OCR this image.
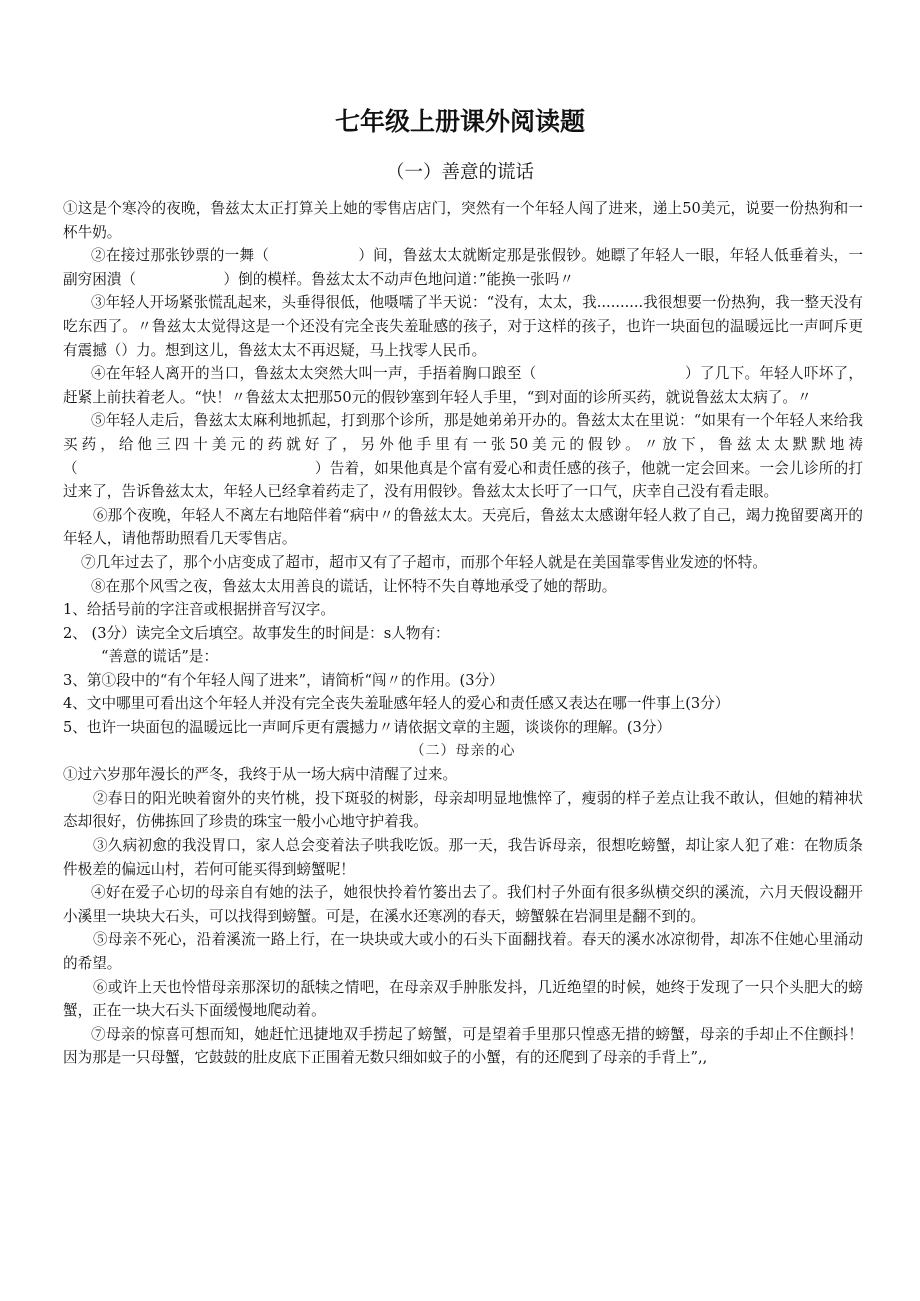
七年级上册课外阅读题
（一）善意的谎话

①这是个寒冷的夜晚，鲁兹太太正打算关上她的零售店店门，突然有一个年轻人闯了进来，递上50美元，说要一份热狗和一杯牛奶。

②在接过那张钞票的一舞（　　　　　　）间，鲁兹太太就断定那是张假钞。她瞟了年轻人一眼，年轻人低垂着头，一副穷困潰（　　　　　　）倒的模样。鲁兹太太不动声色地问道：”能换一张吗〃

③年轻人开场紧张慌乱起来，头垂得很低，他嗫嚅了半天说：“没有，太太，我..........我很想要一份热狗，我一整天没有吃东西了。〃鲁兹太太觉得这是一个还没有完全丧失羞耻感的孩子，对于这样的孩子，也许一块面包的温暖远比一声呵斥更有震撼（）力。想到这儿，鲁兹太太不再迟疑，马上找零人民币。

④在年轻人离开的当口，鲁兹太太突然大叫一声，手捂着胸口踉至（　　　　　　　　　　）了几下。年轻人吓坏了，赶紧上前扶着老人。“快！〃鲁兹太太把那50元的假钞塞到年轻人手里，“到对面的诊所买药，就说鲁兹太太病了。〃

⑤年轻人走后，鲁兹太太麻利地抓起，打到那个诊所，那是她弟弟开办的。鲁兹太太在里说：“如果有一个年轻人来给我买药，给他三四十美元的药就好了，另外他手里有一张50美元的假钞。〃放下，鲁兹太太默默地祷（　　　　　　　　　　　　　　　　）告着，如果他真是个富有爱心和责任感的孩子，他就一定会回来。一会儿诊所的打过来了，告诉鲁兹太太，年轻人已经拿着药走了，没有用假钞。鲁兹太太长吁了一口气，庆幸自己没有看走眼。

⑥那个夜晚，年轻人不离左右地陪伴着“病中〃的鲁兹太太。天亮后，鲁兹太太感谢年轻人救了自己，竭力挽留要离开的年轻人，请他帮助照看几天零售店。

⑦几年过去了，那个小店变成了超市，超市又有了子超市，而那个年轻人就是在美国靠零售业发迹的怀特。

⑧在那个风雪之夜，鲁兹太太用善良的谎话，让怀特不失自尊地承受了她的帮助。

1、给括号前的字注音或根据拼音写汉字。

2、 (3分）读完全文后填空。故事发生的时间是：s人物有：

“善意的谎话”是：

3、第①段中的“有个年轻人闯了进来”，请简析“闯〃的作用。(3分）

4、文中哪里可看出这个年轻人并没有完全丧失羞耻感年轻人的爱心和责任感又表达在哪一件事上(3分）

5、也许一块面包的温暖远比一声呵斥更有震撼力〃请依据文章的主题，谈谈你的理解。(3分）

（二）母亲的心

①过六岁那年漫长的严冬，我终于从一场大病中清醒了过来。

②春日的阳光映着窗外的夹竹桃，投下斑驳的树影，母亲却明显地憔悴了，瘦弱的样子差点让我不敢认，但她的精神状态却很好，仿佛拣回了珍贵的珠宝一般小心地守护着我。

③久病初愈的我没胃口，家人总会变着法子哄我吃饭。那一天，我告诉母亲，很想吃螃蟹，却让家人犯了难：在物质条件极差的偏远山村，若何可能买得到螃蟹呢！

④好在爱子心切的母亲自有她的法子，她很快拎着竹篓出去了。我们村子外面有很多纵横交织的溪流，六月天假设翻开小溪里一块块大石头，可以找得到螃蟹。可是，在溪水还寒冽的春天，螃蟹躲在岩洞里是翻不到的。

⑤母亲不死心，沿着溪流一路上行，在一块块或大或小的石头下面翻找着。春天的溪水冰凉彻骨，却冻不住她心里涌动的希望。

⑥或许上天也怜惜母亲那深切的舐犊之情吧，在母亲双手肿胀发抖，几近绝望的时候，她终于发现了一只个头肥大的螃蟹，正在一块大石头下面缓慢地爬动着。

⑦母亲的惊喜可想而知，她赶忙迅捷地双手捞起了螃蟹，可是望着手里那只惶惑无措的螃蟹，母亲的手却止不住颤抖！因为那是一只母蟹，它鼓鼓的肚皮底下正围着无数只细如蚊子的小蟹，有的还爬到了母亲的手背上”,,
